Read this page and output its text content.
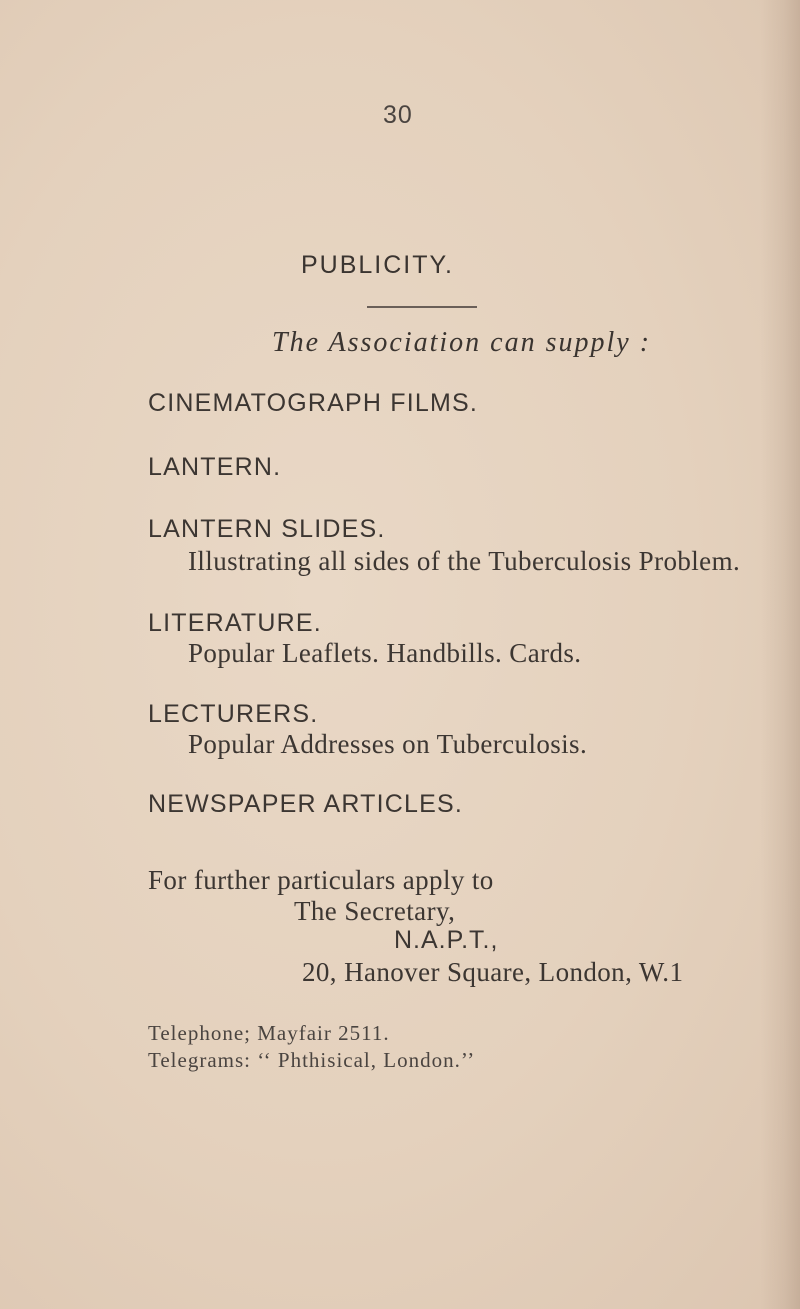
30
PUBLICITY.
The Association can supply :
CINEMATOGRAPH FILMS.
LANTERN.
LANTERN SLIDES.
Illustrating all sides of the Tuberculosis Problem.
LITERATURE.
Popular Leaflets. Handbills. Cards.
LECTURERS.
Popular Addresses on Tuberculosis.
NEWSPAPER ARTICLES.
For further particulars apply to
The Secretary,
N.A.P.T.,
20, Hanover Square, London, W.1
Telephone; Mayfair 2511.
Telegrams: ‘‘ Phthisical, London.’’
